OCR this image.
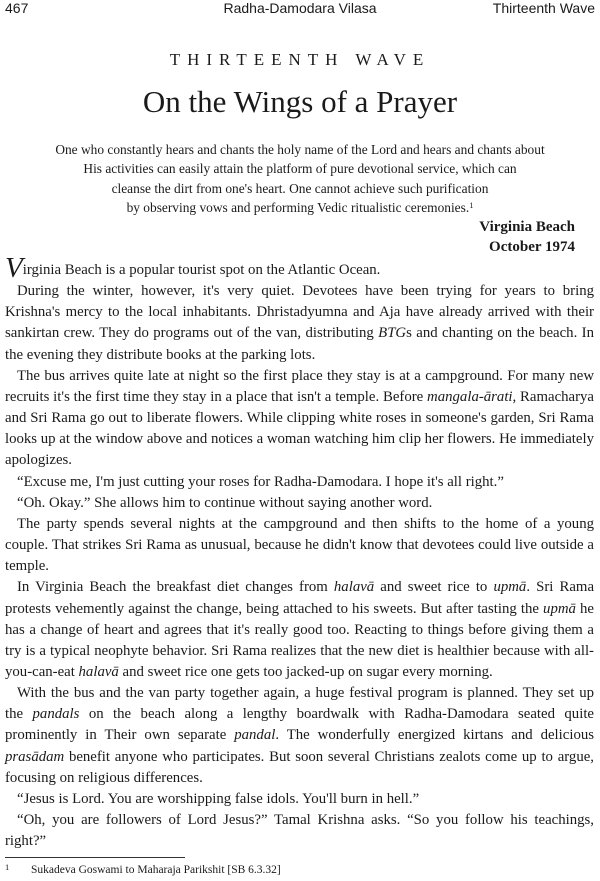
467	Radha-Damodara Vilasa	Thirteenth Wave
THIRTEENTH WAVE
On the Wings of a Prayer
One who constantly hears and chants the holy name of the Lord and hears and chants about
His activities can easily attain the platform of pure devotional service, which can
cleanse the dirt from one's heart. One cannot achieve such purification
by observing vows and performing Vedic ritualistic ceremonies.$^1$
Virginia Beach
October 1974

Virginia Beach is a popular tourist spot on the Atlantic Ocean.

During the winter, however, it's very quiet. Devotees have been trying for years to bring Krishna's mercy to the local inhabitants. Dhristadyumna and Aja have already arrived with their sankirtan crew. They do programs out of the van, distributing BTGs and chanting on the beach. In the evening they distribute books at the parking lots.

The bus arrives quite late at night so the first place they stay is at a campground. For many new recruits it's the first time they stay in a place that isn't a temple. Before mangala-ārati, Ramacharya and Sri Rama go out to liberate flowers. While clipping white roses in someone's garden, Sri Rama looks up at the window above and notices a woman watching him clip her flowers. He immediately apologizes.

“Excuse me, I'm just cutting your roses for Radha-Damodara. I hope it's all right.”

“Oh. Okay.” She allows him to continue without saying another word.

The party spends several nights at the campground and then shifts to the home of a young couple. That strikes Sri Rama as unusual, because he didn't know that devotees could live outside a temple.

In Virginia Beach the breakfast diet changes from halavā and sweet rice to upmā. Sri Rama protests vehemently against the change, being attached to his sweets. But after tasting the upmā he has a change of heart and agrees that it's really good too. Reacting to things before giving them a try is a typical neophyte behavior. Sri Rama realizes that the new diet is healthier because with all-you-can-eat halavā and sweet rice one gets too jacked-up on sugar every morning.

With the bus and the van party together again, a huge festival program is planned. They set up the pandals on the beach along a lengthy boardwalk with Radha-Damodara seated quite prominently in Their own separate pandal. The wonderfully energized kirtans and delicious prasādam benefit anyone who participates. But soon several Christians zealots come up to argue, focusing on religious differences.

“Jesus is Lord. You are worshipping false idols. You'll burn in hell.”

“Oh, you are followers of Lord Jesus?” Tamal Krishna asks. “So you follow his teachings, right?”

1 Sukadeva Goswami to Maharaja Parikshit [SB 6.3.32]
